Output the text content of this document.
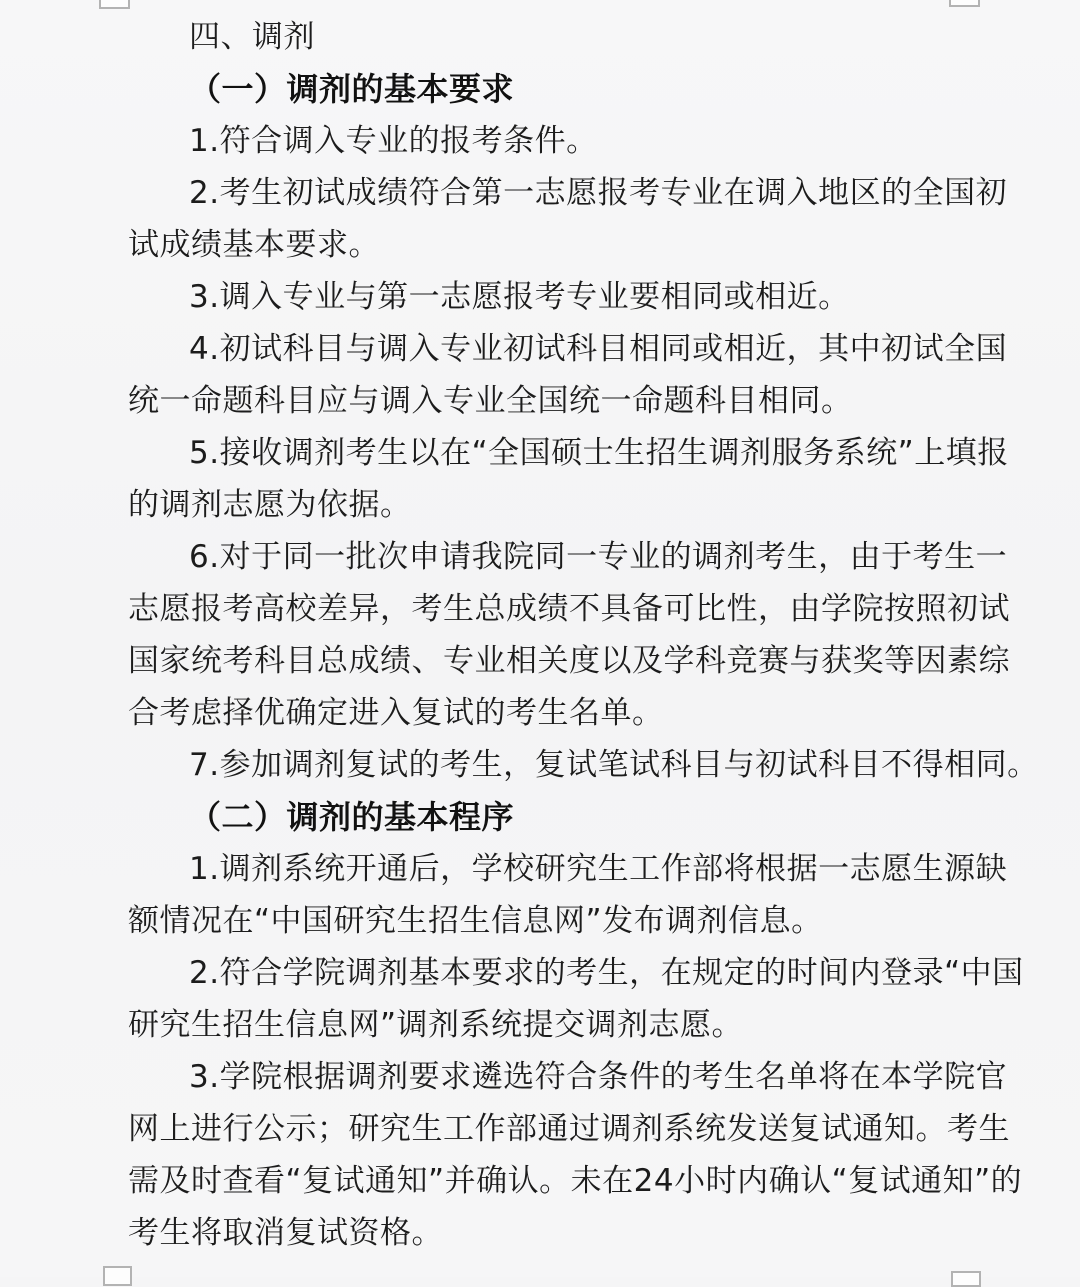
四、调剂
（一）调剂的基本要求
1.符合调入专业的报考条件。
2.考生初试成绩符合第一志愿报考专业在调入地区的全国初
试成绩基本要求。
3.调入专业与第一志愿报考专业要相同或相近。
4.初试科目与调入专业初试科目相同或相近，其中初试全国
统一命题科目应与调入专业全国统一命题科目相同。
5.接收调剂考生以在“全国硕士生招生调剂服务系统”上填报
的调剂志愿为依据。
6.对于同一批次申请我院同一专业的调剂考生，由于考生一
志愿报考高校差异，考生总成绩不具备可比性，由学院按照初试
国家统考科目总成绩、专业相关度以及学科竞赛与获奖等因素综
合考虑择优确定进入复试的考生名单。
7.参加调剂复试的考生，复试笔试科目与初试科目不得相同。
（二）调剂的基本程序
1.调剂系统开通后，学校研究生工作部将根据一志愿生源缺
额情况在“中国研究生招生信息网”发布调剂信息。
2.符合学院调剂基本要求的考生，在规定的时间内登录“中国
研究生招生信息网”调剂系统提交调剂志愿。
3.学院根据调剂要求遴选符合条件的考生名单将在本学院官
网上进行公示；研究生工作部通过调剂系统发送复试通知。考生
需及时查看“复试通知”并确认。未在24小时内确认“复试通知”的
考生将取消复试资格。
